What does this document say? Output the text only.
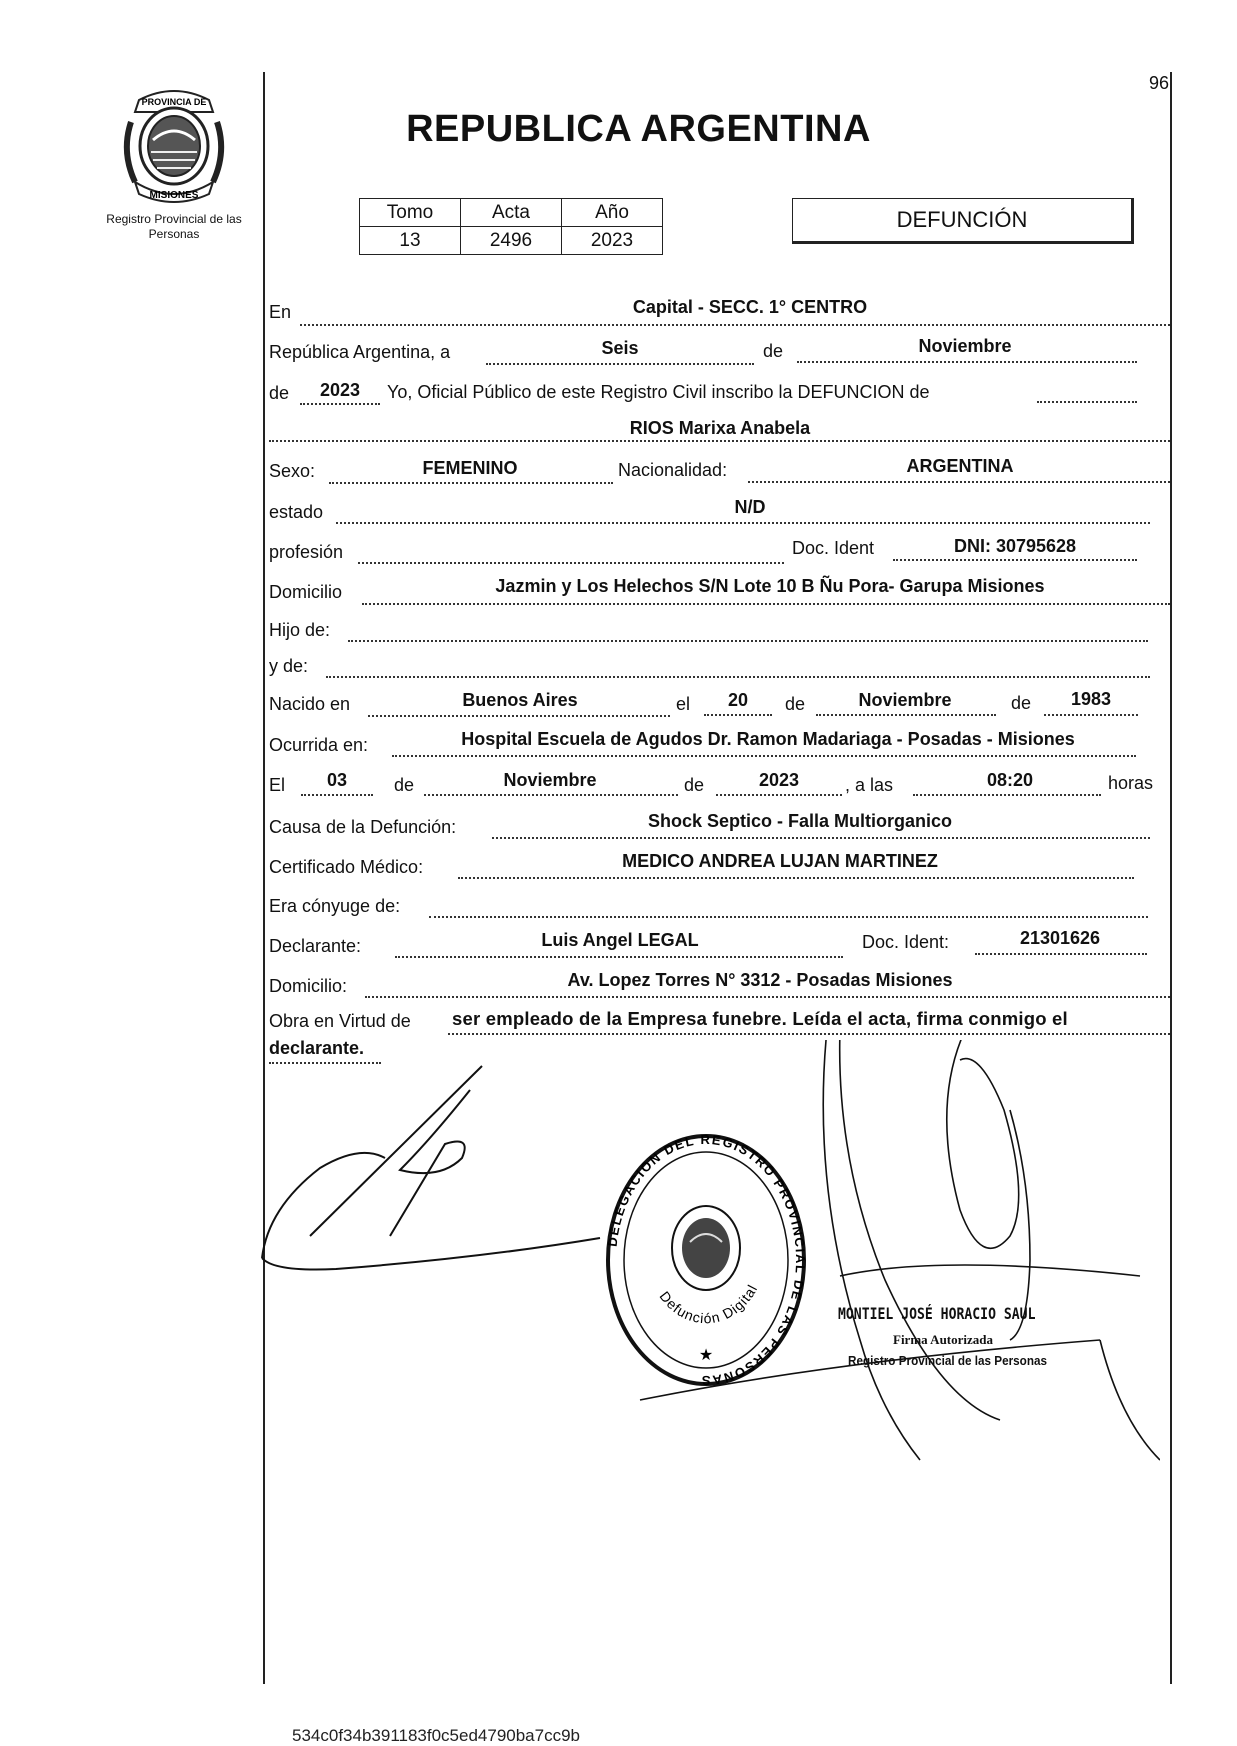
96
PROVINCIA DE
MISIONES
Registro Provincial de las Personas
REPUBLICA ARGENTINA
Tomo	Acta	Año
13	2496	2023
DEFUNCIÓN
En	Capital - SECC. 1° CENTRO
República Argentina, a	Seis	de	Noviembre
de	2023	Yo, Oficial Público de este Registro Civil inscribo la DEFUNCION de
RIOS Marixa Anabela
Sexo:	FEMENINO	Nacionalidad:	ARGENTINA
estado	N/D
profesión	Doc. Ident	DNI: 30795628
Domicilio	Jazmin y Los Helechos S/N Lote 10 B Ñu Pora- Garupa Misiones
Hijo de:
y de:
Nacido en	Buenos Aires	el	20	de	Noviembre	de	1983
Ocurrida en:	Hospital Escuela de Agudos Dr. Ramon Madariaga - Posadas - Misiones
El	03	de	Noviembre	de	2023	, a las	08:20	horas
Causa de la Defunción:	Shock Septico - Falla Multiorganico
Certificado Médico:	MEDICO ANDREA LUJAN MARTINEZ
Era cónyuge de:
Declarante:	Luis Angel LEGAL	Doc. Ident:	21301626
Domicilio:	Av. Lopez Torres N° 3312 - Posadas Misiones
Obra en Virtud de ser empleado de la Empresa funebre. Leída el acta, firma conmigo el
declarante.
DELEGACION DEL REGISTRO PROVINCIAL DE LAS PERSONAS
Defunción Digital
★
MONTIEL JOSÉ HORACIO SAUL
Firma Autorizada
Registro Provincial de las Personas
534c0f34b391183f0c5ed4790ba7cc9b
